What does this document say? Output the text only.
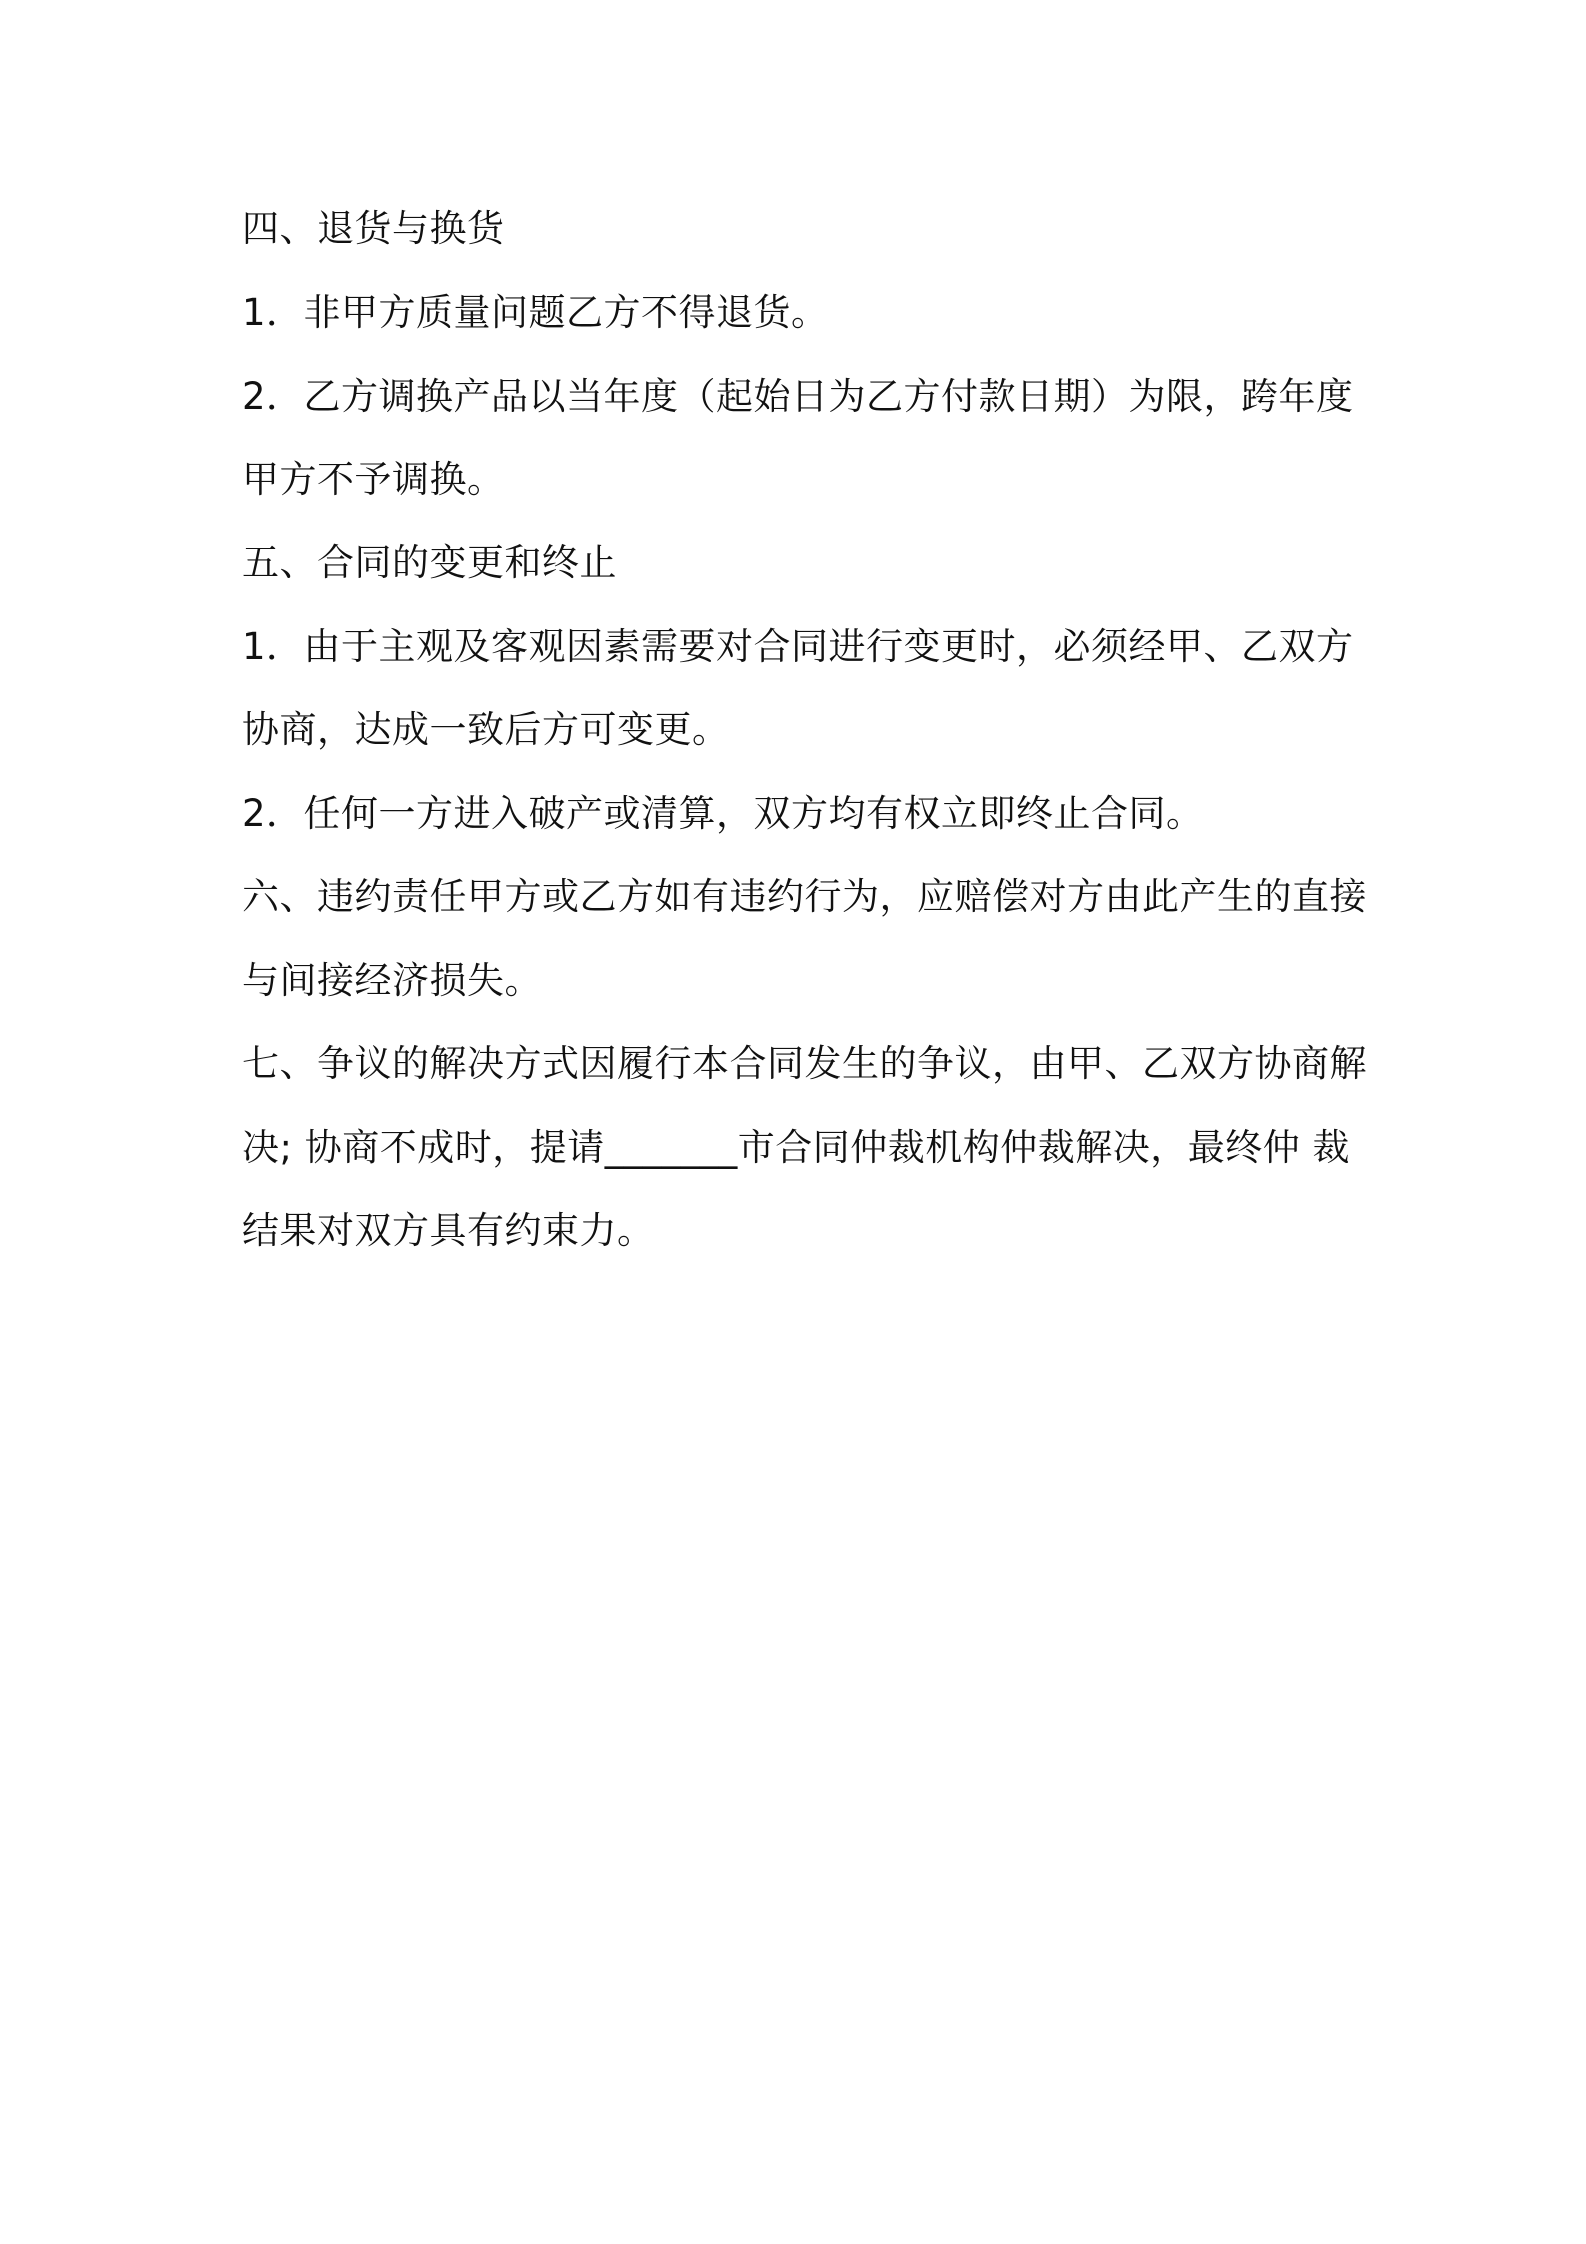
四、退货与换货
1．非甲方质量问题乙方不得退货。
2．乙方调换产品以当年度（起始日为乙方付款日期）为限，跨年度
甲方不予调换。
五、合同的变更和终止
1．由于主观及客观因素需要对合同进行变更时，必须经甲、乙双方
协商，达成一致后方可变更。
2．任何一方进入破产或清算，双方均有权立即终止合同。
六、违约责任甲方或乙方如有违约行为，应赔偿对方由此产生的直接
与间接经济损失。
七、争议的解决方式因履行本合同发生的争议，由甲、乙双方协商解
决; 协商不成时，提请_______市合同仲裁机构仲裁解决，最终仲 裁
结果对双方具有约束力。
